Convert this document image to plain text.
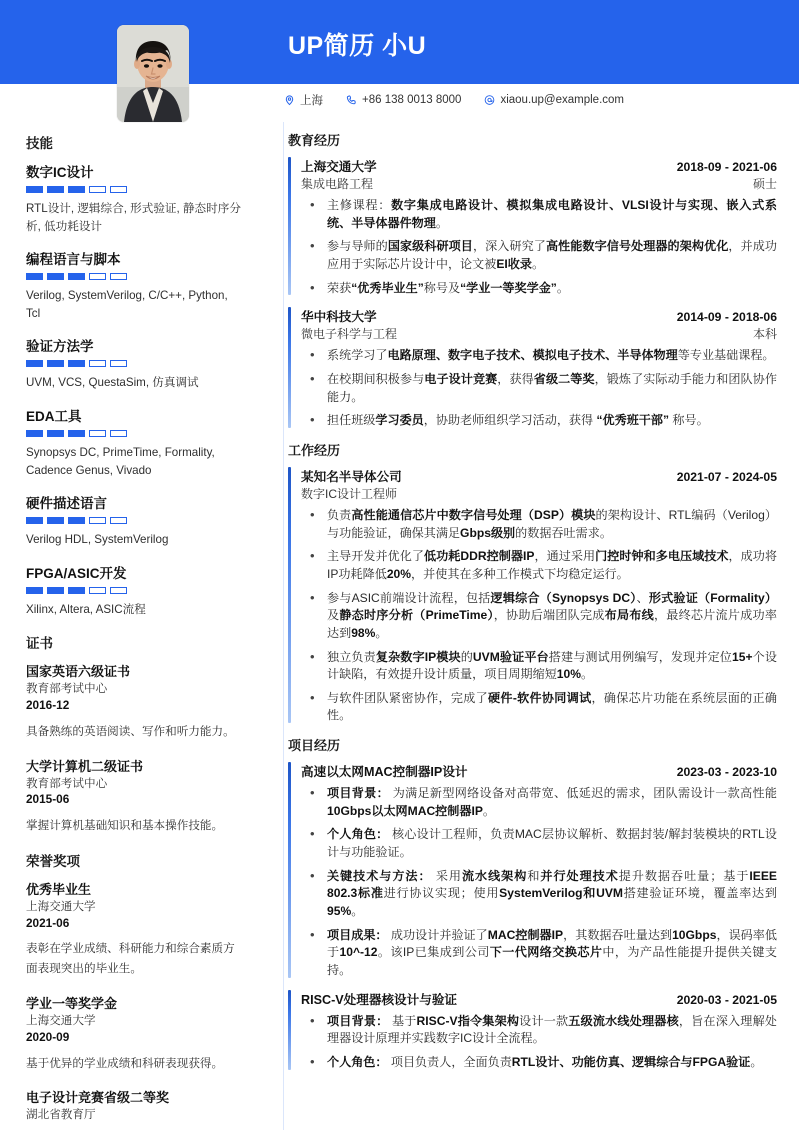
UP简历 小U
上海	+86 138 0013 8000	xiaou.up@example.com
技能
数字IC设计
RTL设计, 逻辑综合, 形式验证, 静态时序分析, 低功耗设计
编程语言与脚本
Verilog, SystemVerilog, C/C++, Python, Tcl
验证方法学
UVM, VCS, QuestaSim, 仿真调试
EDA工具
Synopsys DC, PrimeTime, Formality, Cadence Genus, Vivado
硬件描述语言
Verilog HDL, SystemVerilog
FPGA/ASIC开发
Xilinx, Altera, ASIC流程
证书
国家英语六级证书
教育部考试中心
2016-12
具备熟练的英语阅读、写作和听力能力。
大学计算机二级证书
教育部考试中心
2015-06
掌握计算机基础知识和基本操作技能。
荣誉奖项
优秀毕业生
上海交通大学
2021-06
表彰在学业成绩、科研能力和综合素质方面表现突出的毕业生。
学业一等奖学金
上海交通大学
2020-09
基于优异的学业成绩和科研表现获得。
电子设计竞赛省级二等奖
湖北省教育厅
教育经历
上海交通大学	2018-09 - 2021-06
集成电路工程	硕士
• 主修课程：数字集成电路设计、模拟集成电路设计、VLSI设计与实现、嵌入式系统、半导体器件物理。
• 参与导师的国家级科研项目，深入研究了高性能数字信号处理器的架构优化，并成功应用于实际芯片设计中，论文被EI收录。
• 荣获“优秀毕业生”称号及“学业一等奖学金”。
华中科技大学	2014-09 - 2018-06
微电子科学与工程	本科
• 系统学习了电路原理、数字电子技术、模拟电子技术、半导体物理等专业基础课程。
• 在校期间积极参与电子设计竞赛，获得省级二等奖，锻炼了实际动手能力和团队协作能力。
• 担任班级学习委员，协助老师组织学习活动，获得 “优秀班干部” 称号。
工作经历
某知名半导体公司	2021-07 - 2024-05
数字IC设计工程师
• 负责高性能通信芯片中数字信号处理（DSP）模块的架构设计、RTL编码（Verilog）与功能验证，确保其满足Gbps级别的数据吞吐需求。
• 主导开发并优化了低功耗DDR控制器IP，通过采用门控时钟和多电压域技术，成功将IP功耗降低20%，并使其在多种工作模式下均稳定运行。
• 参与ASIC前端设计流程，包括逻辑综合（Synopsys DC）、形式验证（Formality）及静态时序分析（PrimeTime），协助后端团队完成布局布线，最终芯片流片成功率达到98%。
• 独立负责复杂数字IP模块的UVM验证平台搭建与测试用例编写，发现并定位15+个设计缺陷，有效提升设计质量，项目周期缩短10%。
• 与软件团队紧密协作，完成了硬件-软件协同调试，确保芯片功能在系统层面的正确性。
项目经历
高速以太网MAC控制器IP设计	2023-03 - 2023-10
• 项目背景： 为满足新型网络设备对高带宽、低延迟的需求，团队需设计一款高性能10Gbps以太网MAC控制器IP。
• 个人角色： 核心设计工程师，负责MAC层协议解析、数据封装/解封装模块的RTL设计与功能验证。
• 关键技术与方法： 采用流水线架构和并行处理技术提升数据吞吐量；基于IEEE 802.3标准进行协议实现；使用SystemVerilog和UVM搭建验证环境，覆盖率达到95%。
• 项目成果： 成功设计并验证了MAC控制器IP，其数据吞吐量达到10Gbps，误码率低于10^-12。该IP已集成到公司下一代网络交换芯片中，为产品性能提升提供关键支持。
RISC-V处理器核设计与验证	2020-03 - 2021-05
• 项目背景： 基于RISC-V指令集架构设计一款五级流水线处理器核，旨在深入理解处理器设计原理并实践数字IC设计全流程。
• 个人角色： 项目负责人，全面负责RTL设计、功能仿真、逻辑综合与FPGA验证。
